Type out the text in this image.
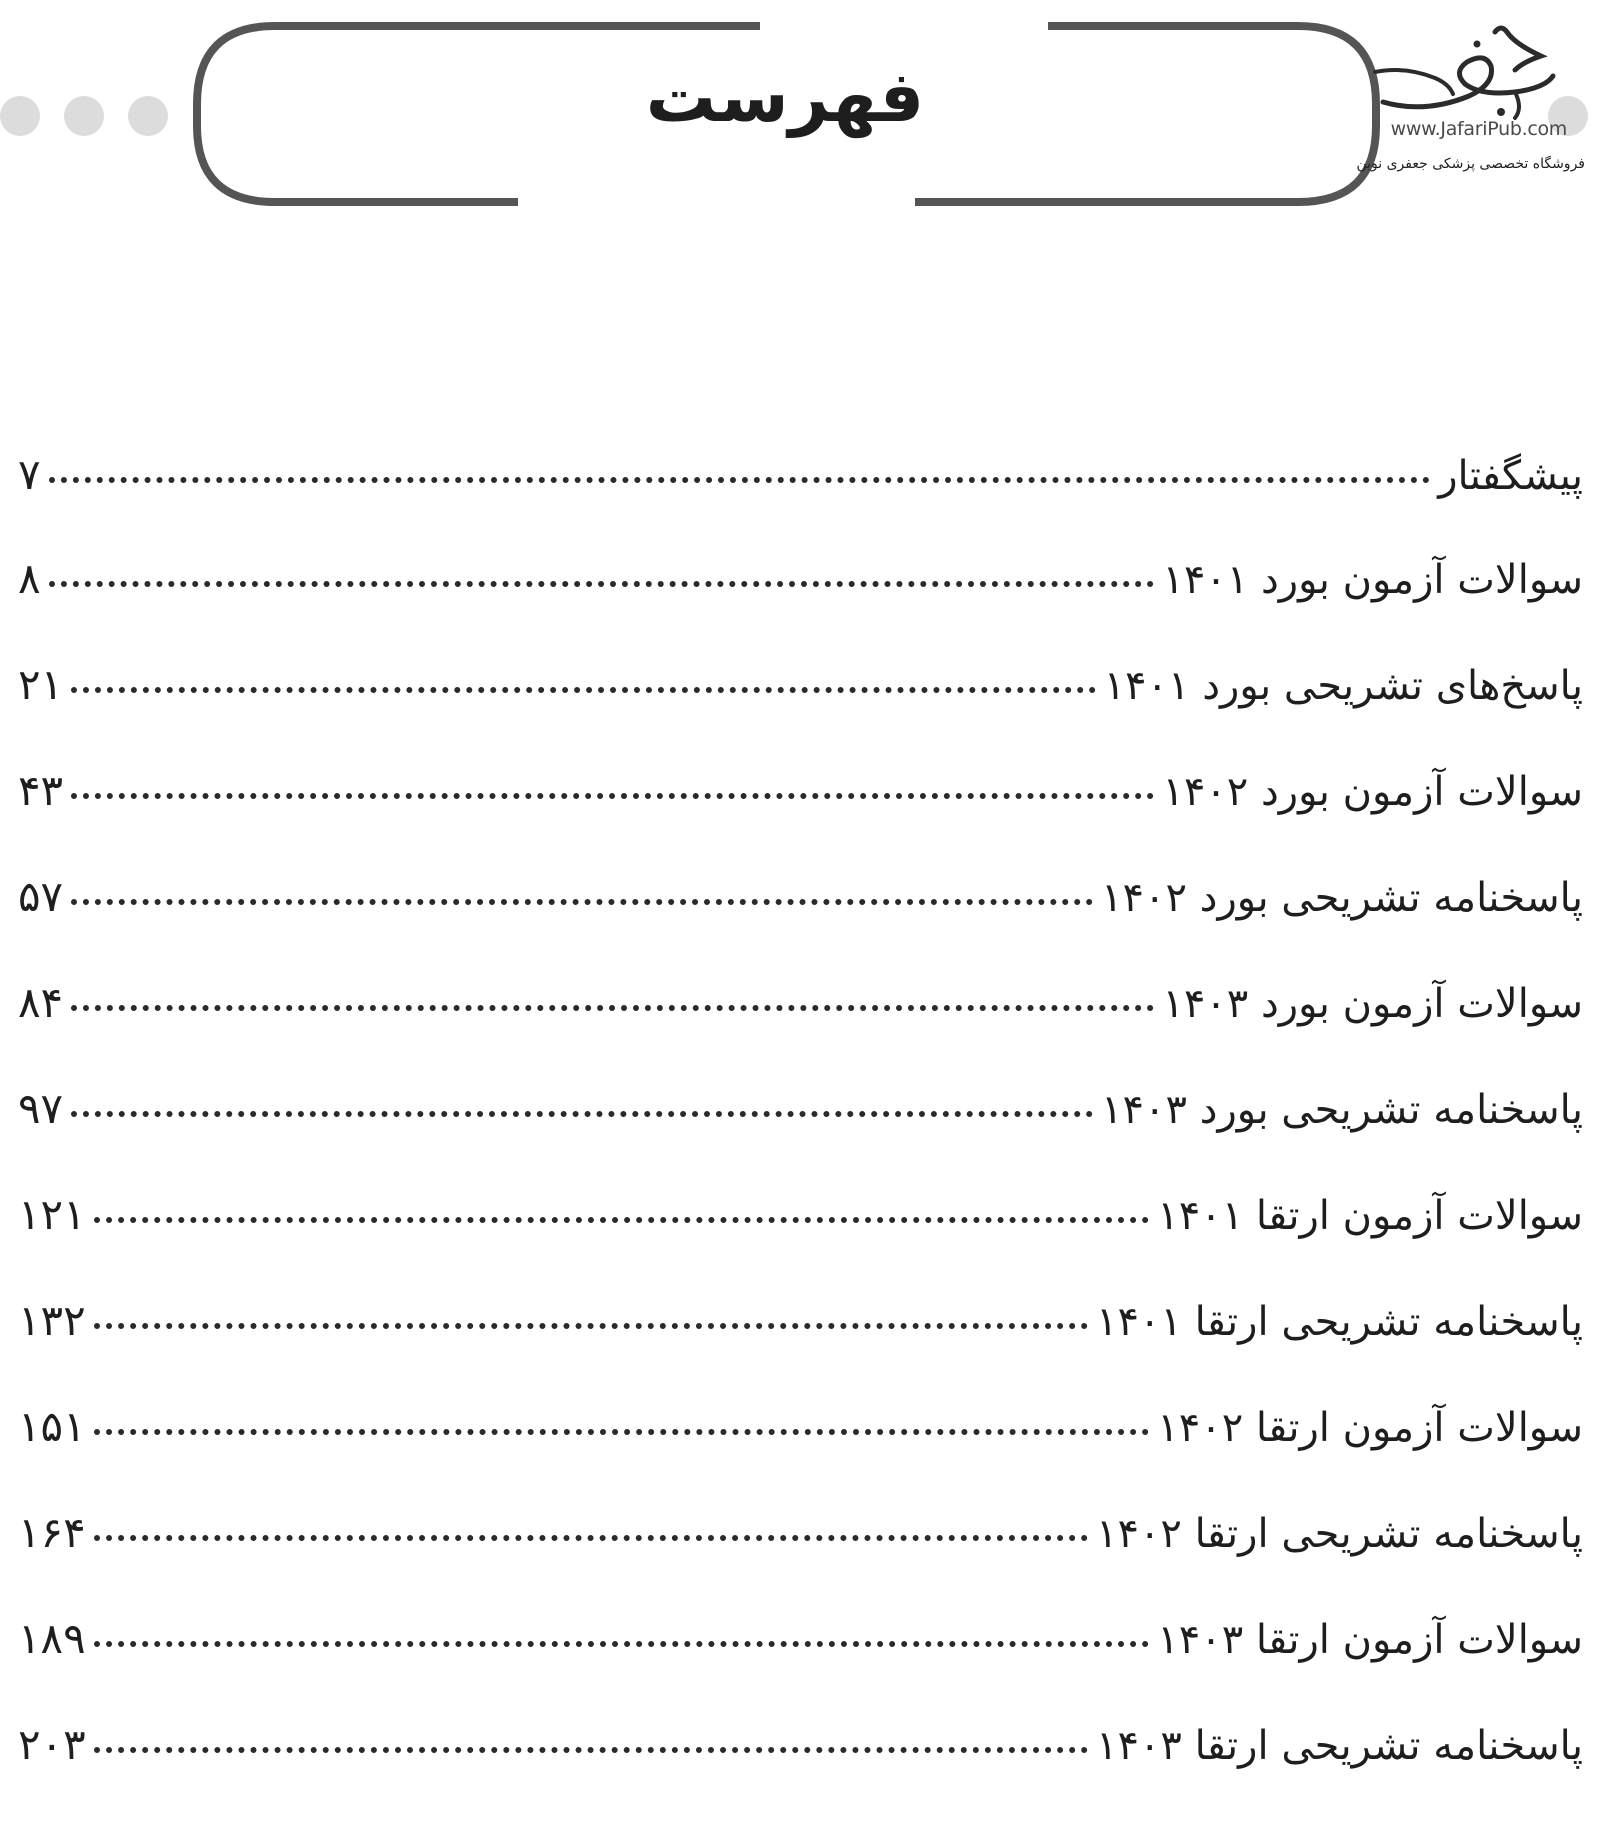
فهرست	www.JafariPub.com
فروشگاه تخصصی پزشکی جعفری نوین
پیشگفتار
۷
سوالات آزمون بورد ۱۴۰۱
۸
پاسخ‌های تشریحی بورد ۱۴۰۱
۲۱
سوالات آزمون بورد ۱۴۰۲
۴۳
پاسخنامه تشریحی بورد ۱۴۰۲
۵۷
سوالات آزمون بورد ۱۴۰۳
۸۴
پاسخنامه تشریحی بورد ۱۴۰۳
۹۷
سوالات آزمون ارتقا ۱۴۰۱
۱۲۱
پاسخنامه تشریحی ارتقا ۱۴۰۱
۱۳۲
سوالات آزمون ارتقا ۱۴۰۲
۱۵۱
پاسخنامه تشریحی ارتقا ۱۴۰۲
۱۶۴
سوالات آزمون ارتقا ۱۴۰۳
۱۸۹
پاسخنامه تشریحی ارتقا ۱۴۰۳
۲۰۳
